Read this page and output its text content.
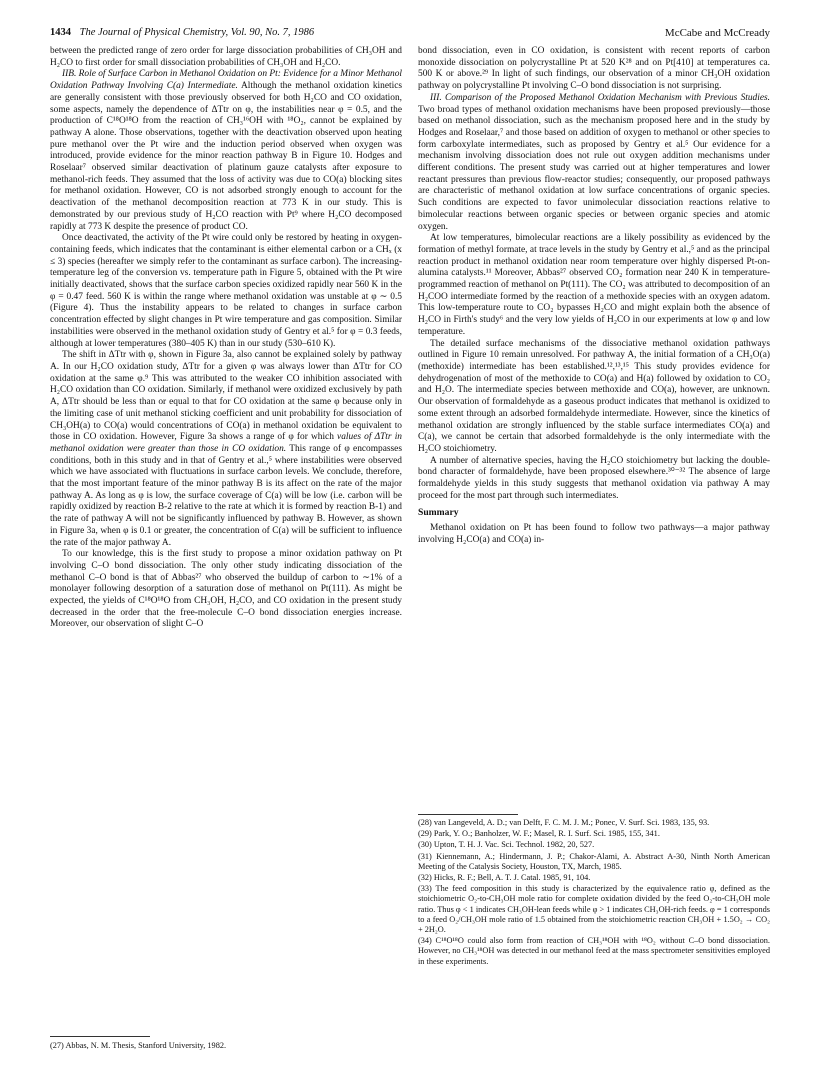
1434 The Journal of Physical Chemistry, Vol. 90, No. 7, 1986	McCabe and McCready

between the predicted range of zero order for large dissociation probabilities of CH₃OH and H₂CO to first order for small dissociation probabilities of CH₃OH and H₂CO.

IIB. Role of Surface Carbon in Methanol Oxidation on Pt: Evidence for a Minor Methanol Oxidation Pathway Involving C(a) Intermediate. Although the methanol oxidation kinetics are generally consistent with those previously observed for both H₂CO and CO oxidation, some aspects, namely the dependence of ΔTtr on φ, the instabilities near φ = 0.5, and the production of C¹⁸O¹⁸O from the reaction of CH₃¹⁶OH with ¹⁸O₂, cannot be explained by pathway A alone. Those observations, together with the deactivation observed upon heating pure methanol over the Pt wire and the induction period observed when oxygen was introduced, provide evidence for the minor reaction pathway B in Figure 10. Hodges and Roselaar⁷ observed similar deactivation of platinum gauze catalysts after exposure to methanol-rich feeds. They assumed that the loss of activity was due to CO(a) blocking sites for methanol oxidation. However, CO is not adsorbed strongly enough to account for the deactivation of the methanol decomposition reaction at 773 K in our study. This is demonstrated by our previous study of H₂CO reaction with Pt⁹ where H₂CO decomposed rapidly at 773 K despite the presence of product CO.

Once deactivated, the activity of the Pt wire could only be restored by heating in oxygen-containing feeds, which indicates that the contaminant is either elemental carbon or a CHₓ (x ≤ 3) species (hereafter we simply refer to the contaminant as surface carbon). The increasing-temperature leg of the conversion vs. temperature path in Figure 5, obtained with the Pt wire initially deactivated, shows that the surface carbon species oxidized rapidly near 560 K in the φ = 0.47 feed. 560 K is within the range where methanol oxidation was unstable at φ ∼ 0.5 (Figure 4). Thus the instability appears to be related to changes in surface carbon concentration effected by slight changes in Pt wire temperature and gas composition. Similar instabilities were observed in the methanol oxidation study of Gentry et al.⁵ for φ = 0.3 feeds, although at lower temperatures (380–405 K) than in our study (530–610 K).

The shift in ΔTtr with φ, shown in Figure 3a, also cannot be explained solely by pathway A. In our H₂CO oxidation study, ΔTtr for a given φ was always lower than ΔTtr for CO oxidation at the same φ.⁹ This was attributed to the weaker CO inhibition associated with H₂CO oxidation than CO oxidation. Similarly, if methanol were oxidized exclusively by path A, ΔTtr should be less than or equal to that for CO oxidation at the same φ because only in the limiting case of unit methanol sticking coefficient and unit probability for dissociation of CH₃OH(a) to CO(a) would concentrations of CO(a) in methanol oxidation be equivalent to those in CO oxidation. However, Figure 3a shows a range of φ for which values of ΔTtr in methanol oxidation were greater than those in CO oxidation. This range of φ encompasses conditions, both in this study and in that of Gentry et al.,⁵ where instabilities were observed which we have associated with fluctuations in surface carbon levels. We conclude, therefore, that the most important feature of the minor pathway B is its affect on the rate of the major pathway A. As long as φ is low, the surface coverage of C(a) will be low (i.e. carbon will be rapidly oxidized by reaction B-2 relative to the rate at which it is formed by reaction B-1) and the rate of pathway A will not be significantly influenced by pathway B. However, as shown in Figure 3a, when φ is 0.1 or greater, the concentration of C(a) will be sufficient to influence the rate of the major pathway A.

To our knowledge, this is the first study to propose a minor oxidation pathway on Pt involving C–O bond dissociation. The only other study indicating dissociation of the methanol C–O bond is that of Abbas²⁷ who observed the buildup of carbon to ∼1% of a monolayer following desorption of a saturation dose of methanol on Pt(111). As might be expected, the yields of C¹⁸O¹⁸O from CH₃OH, H₂CO, and CO oxidation in the present study decreased in the order that the free-molecule C–O bond dissociation energies increase. Moreover, our observation of slight C–O

(27) Abbas, N. M. Thesis, Stanford University, 1982.

bond dissociation, even in CO oxidation, is consistent with recent reports of carbon monoxide dissociation on polycrystalline Pt at 520 K²⁸ and on Pt[410] at temperatures ca. 500 K or above.²⁹ In light of such findings, our observation of a minor CH₃OH oxidation pathway on polycrystalline Pt involving C–O bond dissociation is not surprising.

III. Comparison of the Proposed Methanol Oxidation Mechanism with Previous Studies. Two broad types of methanol oxidation mechanisms have been proposed previously—those based on methanol dissociation, such as the mechanism proposed here and in the study by Hodges and Roselaar,⁷ and those based on addition of oxygen to methanol or other species to form carboxylate intermediates, such as proposed by Gentry et al.⁵ Our evidence for a mechanism involving dissociation does not rule out oxygen addition mechanisms under different conditions. The present study was carried out at higher temperatures and lower reactant pressures than previous flow-reactor studies; consequently, our proposed pathways are characteristic of methanol oxidation at low surface concentrations of organic species. Such conditions are expected to favor unimolecular dissociation reactions relative to bimolecular reactions between organic species or between organic species and atomic oxygen.

At low temperatures, bimolecular reactions are a likely possibility as evidenced by the formation of methyl formate, at trace levels in the study by Gentry et al.,⁵ and as the principal reaction product in methanol oxidation near room temperature over highly dispersed Pt-on-alumina catalysts.¹¹ Moreover, Abbas²⁷ observed CO₂ formation near 240 K in temperature-programmed reaction of methanol on Pt(111). The CO₂ was attributed to decomposition of an H₂COO intermediate formed by the reaction of a methoxide species with an oxygen adatom. This low-temperature route to CO₂ bypasses H₂CO and might explain both the absence of H₂CO in Firth's study⁶ and the very low yields of H₂CO in our experiments at low φ and low temperature.

The detailed surface mechanisms of the dissociative methanol oxidation pathways outlined in Figure 10 remain unresolved. For pathway A, the initial formation of a CH₃O(a) (methoxide) intermediate has been established.¹²,¹³,¹⁵ This study provides evidence for dehydrogenation of most of the methoxide to CO(a) and H(a) followed by oxidation to CO₂ and H₂O. The intermediate species between methoxide and CO(a), however, are unknown. Our observation of formaldehyde as a gaseous product indicates that methanol is oxidized to some extent through an adsorbed formaldehyde intermediate. However, since the kinetics of methanol oxidation are strongly influenced by the stable surface intermediates CO(a) and C(a), we cannot be certain that adsorbed formaldehyde is the only intermediate with the H₂CO stoichiometry.

A number of alternative species, having the H₂CO stoichiometry but lacking the double-bond character of formaldehyde, have been proposed elsewhere.³⁰⁻³² The absence of large formaldehyde yields in this study suggests that methanol oxidation via pathway A may proceed for the most part through such intermediates.

Summary

Methanol oxidation on Pt has been found to follow two pathways—a major pathway involving H₂CO(a) and CO(a) in-

(28) van Langeveld, A. D.; van Delft, F. C. M. J. M.; Ponec, V. Surf. Sci. 1983, 135, 93.

(29) Park, Y. O.; Banholzer, W. F.; Masel, R. I. Surf. Sci. 1985, 155, 341.

(30) Upton, T. H. J. Vac. Sci. Technol. 1982, 20, 527.

(31) Kiennemann, A.; Hindermann, J. P.; Chakor-Alami, A. Abstract A-30, Ninth North American Meeting of the Catalysis Society, Houston, TX, March, 1985.

(32) Hicks, R. F.; Bell, A. T. J. Catal. 1985, 91, 104.

(33) The feed composition in this study is characterized by the equivalence ratio φ, defined as the stoichiometric O₂-to-CH₃OH mole ratio for complete oxidation divided by the feed O₂-to-CH₃OH mole ratio. Thus φ < 1 indicates CH₃OH-lean feeds while φ > 1 indicates CH₃OH-rich feeds. φ = 1 corresponds to a feed O₂/CH₃OH mole ratio of 1.5 obtained from the stoichiometric reaction CH₃OH + 1.5O₂ → CO₂ + 2H₂O.

(34) C¹⁸O¹⁸O could also form from reaction of CH₃¹⁸OH with ¹⁸O₂ without C–O bond dissociation. However, no CH₃¹⁸OH was detected in our methanol feed at the mass spectrometer sensitivities employed in these experiments.
